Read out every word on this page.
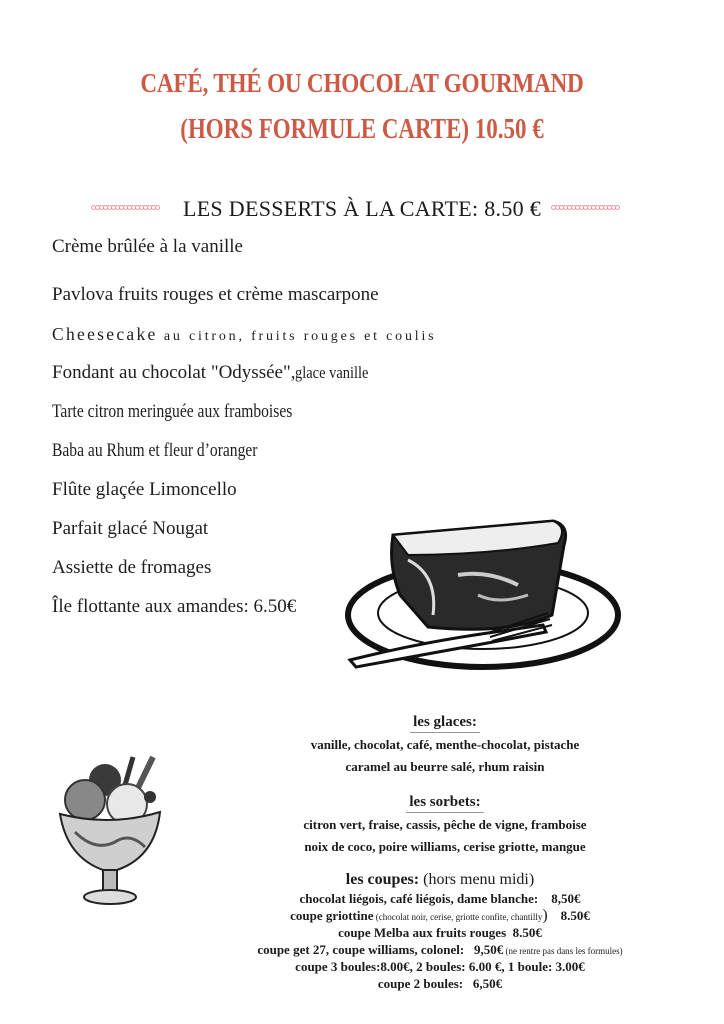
CAFÉ, THÉ OU CHOCOLAT GOURMAND
(HORS FORMULE CARTE) 10.50 €
LES DESSERTS À LA CARTE: 8.50 €
Crème brûlée à la vanille
Pavlova fruits rouges et crème mascarpone
Cheesecake au citron, fruits rouges et coulis
Fondant au chocolat "Odyssée",glace vanille
Tarte citron meringuée aux framboises
Baba au Rhum et fleur d’oranger
Flûte glaçée Limoncello
Parfait glacé Nougat
Assiette de fromages
Île flottante aux amandes: 6.50€
les glaces:
vanille, chocolat, café, menthe-chocolat, pistache
caramel au beurre salé, rhum raisin
les sorbets:
citron vert, fraise, cassis, pêche de vigne, framboise
noix de coco, poire williams, cerise griotte, mangue
les coupes: (hors menu midi)
chocolat liégois, café liégois, dame blanche: 8,50€
coupe griottine (chocolat noir, cerise, griotte confite, chantilly) 8.50€
coupe Melba aux fruits rouges 8.50€
coupe get 27, coupe williams, colonel: 9,50€ (ne rentre pas dans les formules)
coupe 3 boules:8.00€, 2 boules: 6.00 €, 1 boule: 3.00€
coupe 2 boules: 6,50€
